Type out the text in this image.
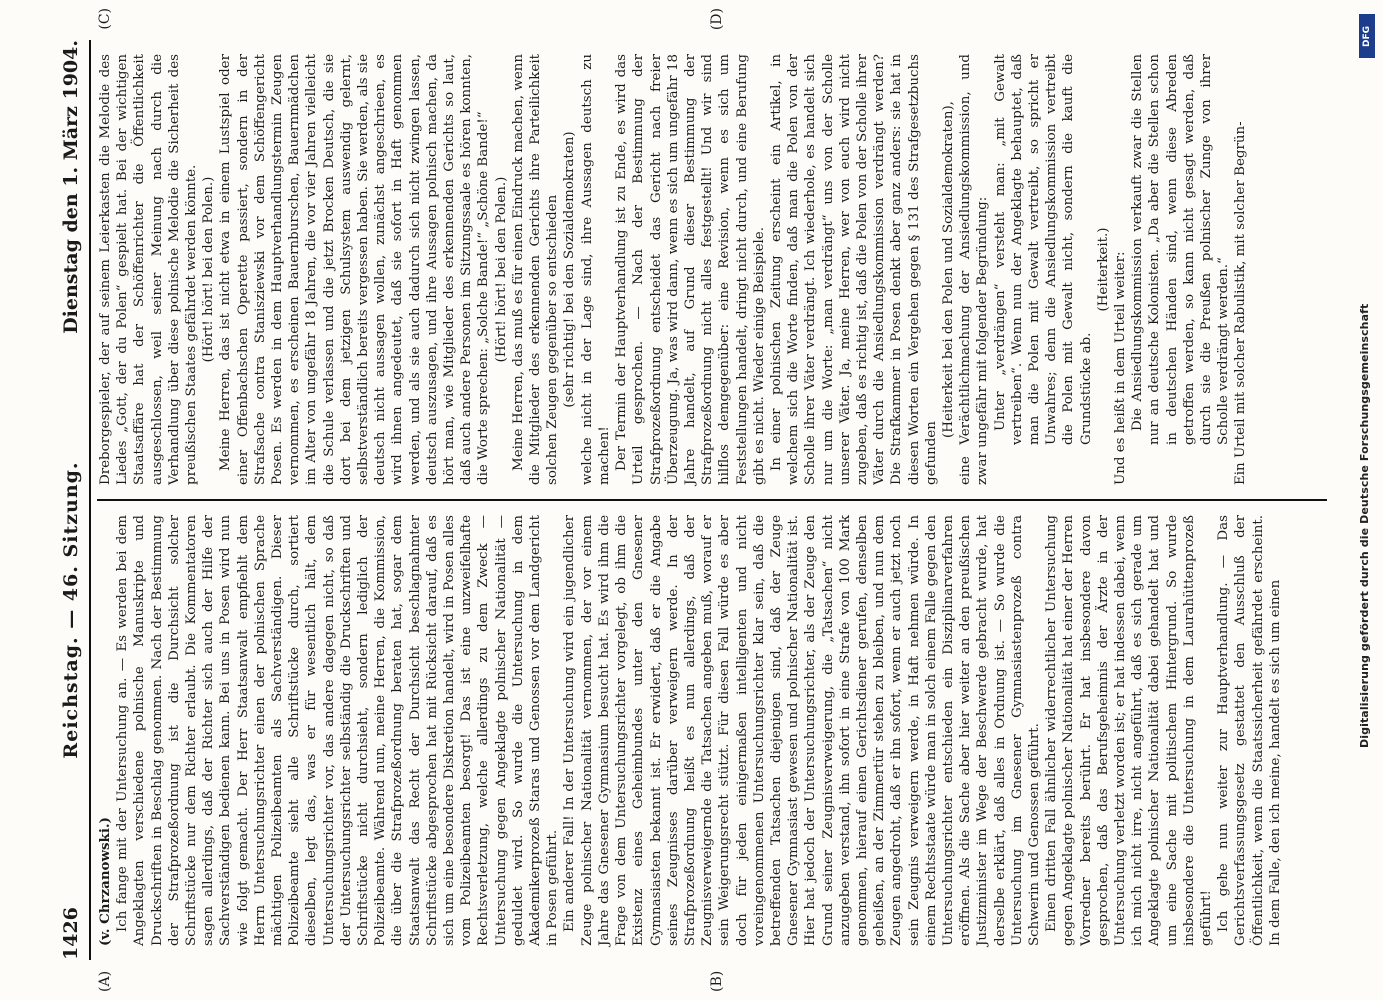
1426
Reichstag. — 46. Sitzung.
Dienstag den 1. März 1904.
(A)	(B)

(v. Chrzanowski.) Ich fange mit der Untersuchung an. — Es werden bei dem Angeklagten verschiedene polnische Manuskripte und Druckschriften in Beschlag genommen. Nach der Bestimmung der Strafprozeßordnung ist die Durchsicht solcher Schriftstücke nur dem Richter erlaubt. Die Kommentatoren sagen allerdings, daß der Richter sich auch der Hilfe der Sachverständigen bedienen kann. Bei uns in Posen wird nun wie folgt gemacht. Der Herr Staatsanwalt empfiehlt dem Herrn Untersuchungsrichter einen der polnischen Sprache mächtigen Polizeibeamten als Sachverständigen. Dieser Polizeibeamte sieht alle Schriftstücke durch, sortiert dieselben, legt das, was er für wesentlich hält, dem Untersuchungsrichter vor, das andere dagegen nicht, so daß der Untersuchungsrichter selbständig die Druckschriften und Schriftstücke nicht durchsieht, sondern lediglich der Polizeibeamte. Während nun, meine Herren, die Kommission, die über die Strafprozeßordnung beraten hat, sogar dem Staatsanwalt das Recht der Durchsicht beschlagnahmter Schriftstücke abgesprochen hat mit Rücksicht darauf, daß es sich um eine besondere Diskretion handelt, wird in Posen alles vom Polizeibeamten besorgt! Das ist eine unzweifelhafte Rechtsverletzung, welche allerdings zu dem Zweck — Untersuchung gegen Angeklagte polnischer Nationalität — geduldet wird. So wurde die Untersuchung in dem Akademikerprozeß Staras und Genossen vor dem Landgericht in Posen geführt. Ein anderer Fall! In der Untersuchung wird ein jugendlicher Zeuge polnischer Nationalität vernommen, der vor einem Jahre das Gnesener Gymnasium besucht hat. Es wird ihm die Frage von dem Untersuchungsrichter vorgelegt, ob ihm die Existenz eines Geheimbundes unter den Gnesener Gymnasiasten bekannt ist. Er erwidert, daß er die Angabe seines Zeugnisses darüber verweigern werde. In der Strafprozeßordnung heißt es nun allerdings, daß der Zeugnisverweigernde die Tatsachen angeben muß, worauf er sein Weigerungsrecht stützt. Für diesen Fall würde es aber doch für jeden einigermaßen intelligenten und nicht voreingenommenen Untersuchungsrichter klar sein, daß die betreffenden Tatsachen diejenigen sind, daß der Zeuge Gnesener Gymnasiast gewesen und polnischer Nationalität ist. Hier hat jedoch der Untersuchungsrichter, als der Zeuge den Grund seiner Zeugnisverweigerung, die „Tatsachen“ nicht anzugeben verstand, ihn sofort in eine Strafe von 100 Mark genommen, hierauf einen Gerichtsdiener gerufen, denselben geheißen, an der Zimmertür stehen zu bleiben, und nun dem Zeugen angedroht, daß er ihn sofort, wenn er auch jetzt noch sein Zeugnis verweigern werde, in Haft nehmen würde. In einem Rechtsstaate würde man in solch einem Falle gegen den Untersuchungsrichter entschieden ein Disziplinarverfahren eröffnen. Als die Sache aber hier weiter an den preußischen Justizminister im Wege der Beschwerde gebracht wurde, hat derselbe erklärt, daß alles in Ordnung ist. — So wurde die Untersuchung im Gnesener Gymnasiastenprozeß contra Schwerin und Genossen geführt. Einen dritten Fall ähnlicher widerrechtlicher Untersuchung gegen Angeklagte polnischer Nationalität hat einer der Herren Vorredner bereits berührt. Er hat insbesondere davon gesprochen, daß das Berufsgeheimnis der Ärzte in der Untersuchung verletzt worden ist; er hat indessen dabei, wenn ich mich nicht irre, nicht angeführt, daß es sich gerade um Angeklagte polnischer Nationalität dabei gehandelt hat und um eine Sache mit politischem Hintergrund. So wurde insbesondere die Untersuchung in dem Laurahüttenprozeß geführt! Ich gehe nun weiter zur Hauptverhandlung. — Das Gerichtsverfassungsgesetz gestattet den Ausschluß der Öffentlichkeit, wenn die Staatssicherheit gefährdet erscheint. In dem Falle, den ich meine, handelt es sich um einen

(C)	(D)

Dreborgespieler, der auf seinem Leierkasten die Melodie des Liedes „Gott, der du Polen“ gespielt hat. Bei der wichtigen Staatsaffäre hat der Schöffenrichter die Öffentlichkeit ausgeschlossen, weil seiner Meinung nach durch die Verhandlung über diese polnische Melodie die Sicherheit des preußischen Staates gefährdet werden könnte. (Hört! hört! bei den Polen.) Meine Herren, das ist nicht etwa in einem Lustspiel oder einer Offenbachschen Operette passiert, sondern in der Strafsache contra Stanisziewski vor dem Schöffengericht Posen. Es werden in dem Hauptverhandlungstermin Zeugen vernommen, es erscheinen Bauernburschen, Bauernmädchen im Alter von ungefähr 18 Jahren, die vor vier Jahren vielleicht die Schule verlassen und die jetzt Brocken Deutsch, die sie dort bei dem jetzigen Schulsystem auswendig gelernt, selbstverständlich bereits vergessen haben. Sie werden, als sie deutsch nicht aussagen wollen, zunächst angeschrieen, es wird ihnen angedeutet, daß sie sofort in Haft genommen werden, und als sie auch dadurch sich nicht zwingen lassen, deutsch auszusagen, und ihre Aussagen polnisch machen, da hört man, wie Mitglieder des erkennenden Gerichts so laut, daß auch andere Personen im Sitzungssaale es hören konnten, die Worte sprechen: „Solche Bande!“ „Schöne Bande!“ (Hört! hört! bei den Polen.) Meine Herren, das muß es für einen Eindruck machen, wenn die Mitglieder des erkennenden Gerichts ihre Parteilichkeit solchen Zeugen gegenüber so entschieden (sehr richtig! bei den Sozialdemokraten) welche nicht in der Lage sind, ihre Aussagen deutsch zu machen! Der Termin der Hauptverhandlung ist zu Ende, es wird das Urteil gesprochen. — Nach der Bestimmung der Strafprozeßordnung entscheidet das Gericht nach freier Überzeugung. Ja, was wird dann, wenn es sich um ungefähr 18 Jahre handelt, auf Grund dieser Bestimmung der Strafprozeßordnung nicht alles festgestellt! Und wir sind hilflos demgegenüber: eine Revision, wenn es sich um Feststellungen handelt, dringt nicht durch, und eine Berufung gibt es nicht. Wieder einige Beispiele. In einer polnischen Zeitung erscheint ein Artikel, in welchem sich die Worte finden, daß man die Polen von der Scholle ihrer Väter verdrängt. Ich wiederhole, es handelt sich nur um die Worte: „man verdrängt“ uns von der Scholle unserer Väter. Ja, meine Herren, wer von euch wird nicht zugeben, daß es richtig ist, daß die Polen von der Scholle ihrer Väter durch die Ansiedlungskommission verdrängt werden? Die Strafkammer in Posen denkt aber ganz anders: sie hat in diesen Worten ein Vergehen gegen § 131 des Strafgesetzbuchs gefunden

(Heiterkeit bei den Polen und Sozialdemokraten), eine Verächtlichmachung der Ansiedlungskommission, und zwar ungefähr mit folgender Begründung: Unter „verdrängen“ versteht man: „mit Gewalt vertreiben“. Wenn nun der Angeklagte behauptet, daß man die Polen mit Gewalt vertreibt, so spricht er Unwahres; denn die Ansiedlungskommission vertreibt die Polen mit Gewalt nicht, sondern die kauft die Grundstücke ab.

(Heiterkeit.) Und es heißt in dem Urteil weiter: Die Ansiedlungskommission verkauft zwar die Stellen nur an deutsche Kolonisten. „Da aber die Stellen schon in deutschen Händen sind, wenn diese Abreden getroffen werden, so kann nicht gesagt werden, daß durch sie die Preußen polnischer Zunge von ihrer Scholle verdrängt werden.“ Ein Urteil mit solcher Rabulistik, mit solcher Begrün-

DFG
Digitalisierung gefördert durch die Deutsche Forschungsgemeinschaft
